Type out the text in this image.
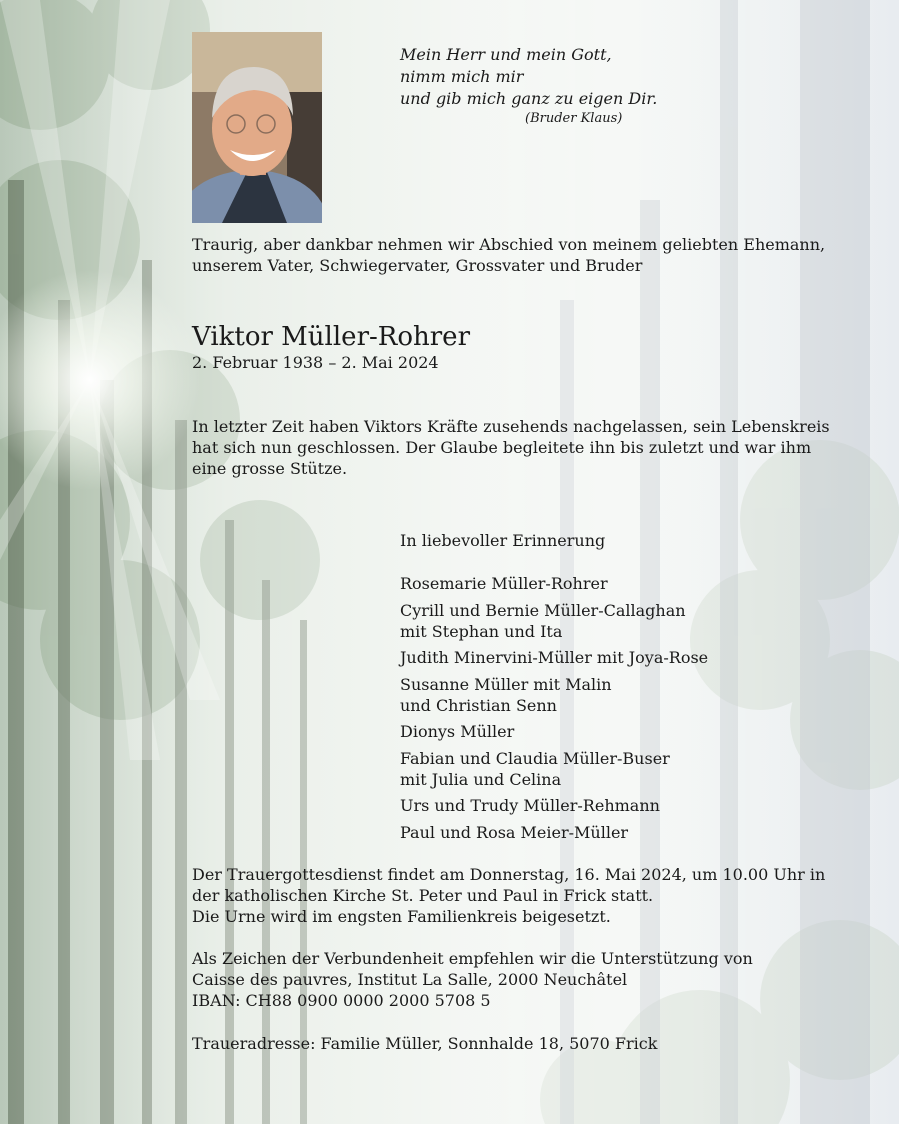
Mein Herr und mein Gott,
nimm mich mir
und gib mich ganz zu eigen Dir.
(Bruder Klaus)
Traurig, aber dankbar nehmen wir Abschied von meinem geliebten Ehemann,
unserem Vater, Schwiegervater, Grossvater und Bruder
Viktor Müller-Rohrer
2. Februar 1938 – 2. Mai 2024
In letzter Zeit haben Viktors Kräfte zusehends nachgelassen, sein Lebenskreis
hat sich nun geschlossen. Der Glaube begleitete ihn bis zuletzt und war ihm
eine grosse Stütze.
In liebevoller Erinnerung
Rosemarie Müller-Rohrer
Cyrill und Bernie Müller-Callaghan
mit Stephan und Ita
Judith Minervini-Müller mit Joya-Rose
Susanne Müller mit Malin
und Christian Senn
Dionys Müller
Fabian und Claudia Müller-Buser
mit Julia und Celina
Urs und Trudy Müller-Rehmann
Paul und Rosa Meier-Müller
Der Trauergottesdienst findet am Donnerstag, 16. Mai 2024, um 10.00 Uhr in
der katholischen Kirche St. Peter und Paul in Frick statt.
Die Urne wird im engsten Familienkreis beigesetzt.
Als Zeichen der Verbundenheit empfehlen wir die Unterstützung von
Caisse des pauvres, Institut La Salle, 2000 Neuchâtel
IBAN: CH88 0900 0000 2000 5708 5
Traueradresse: Familie Müller, Sonnhalde 18, 5070 Frick
